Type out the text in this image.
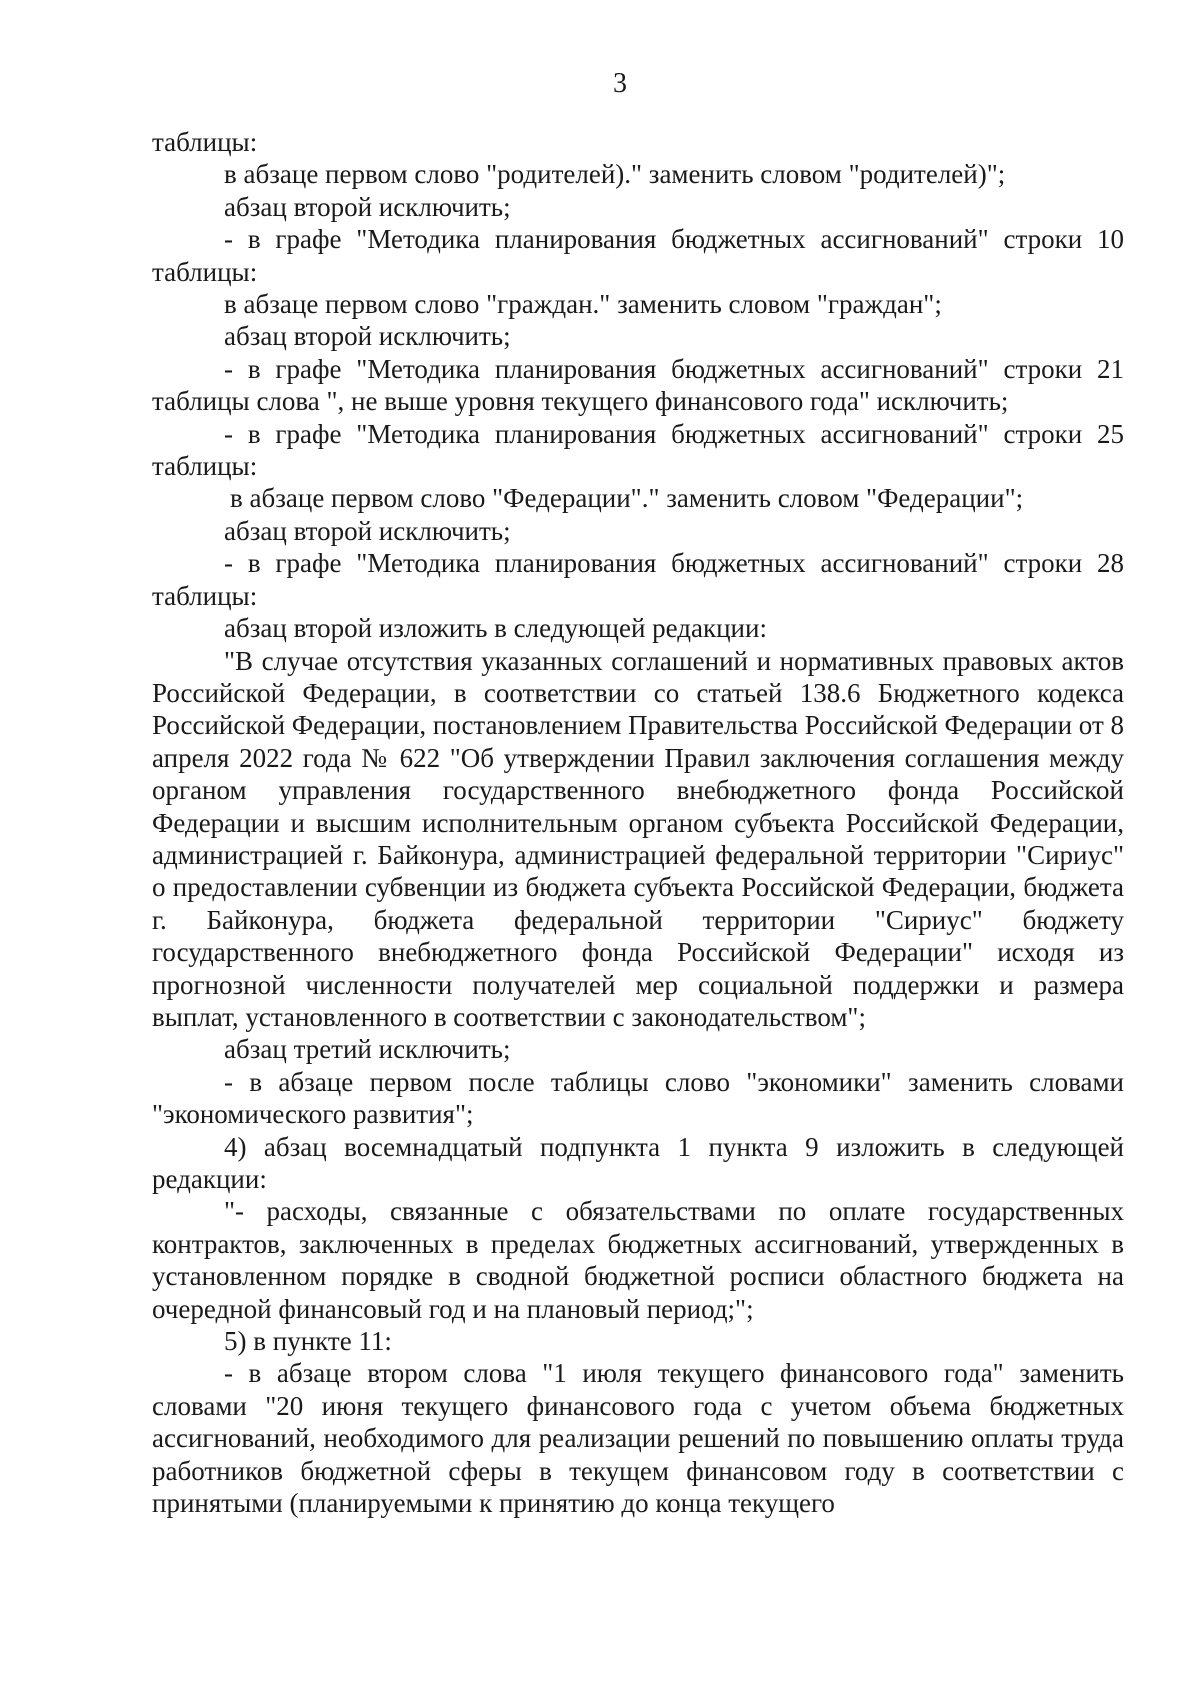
3

таблицы:

в абзаце первом слово "родителей)." заменить словом "родителей)";

абзац второй исключить;

- в графе "Методика планирования бюджетных ассигнований" строки 10 таблицы:

в абзаце первом слово "граждан." заменить словом "граждан";

абзац второй исключить;

- в графе "Методика планирования бюджетных ассигнований" строки 21 таблицы слова ", не выше уровня текущего финансового года" исключить;

- в графе "Методика планирования бюджетных ассигнований" строки 25 таблицы:

в абзаце первом слово "Федерации"." заменить словом "Федерации";

абзац второй исключить;

- в графе "Методика планирования бюджетных ассигнований" строки 28 таблицы:

абзац второй изложить в следующей редакции:

"В случае отсутствия указанных соглашений и нормативных правовых актов Российской Федерации, в соответствии со статьей 138.6 Бюджетного кодекса Российской Федерации, постановлением Правительства Российской Федерации от 8 апреля 2022 года № 622 "Об утверждении Правил заключения соглашения между органом управления государственного внебюджетного фонда Российской Федерации и высшим исполнительным органом субъекта Российской Федерации, администрацией г. Байконура, администрацией федеральной территории "Сириус" о предоставлении субвенции из бюджета субъекта Российской Федерации, бюджета г. Байконура, бюджета федеральной территории "Сириус" бюджету государственного внебюджетного фонда Российской Федерации" исходя из прогнозной численности получателей мер социальной поддержки и размера выплат, установленного в соответствии с законодательством";

абзац третий исключить;

- в абзаце первом после таблицы слово "экономики" заменить словами "экономического развития";

4) абзац восемнадцатый подпункта 1 пункта 9 изложить в следующей редакции:

"- расходы, связанные с обязательствами по оплате государственных контрактов, заключенных в пределах бюджетных ассигнований, утвержденных в установленном порядке в сводной бюджетной росписи областного бюджета на очередной финансовый год и на плановый период;";

5) в пункте 11:

- в абзаце втором слова "1 июля текущего финансового года" заменить словами "20 июня текущего финансового года с учетом объема бюджетных ассигнований, необходимого для реализации решений по повышению оплаты труда работников бюджетной сферы в текущем финансовом году в соответствии с принятыми (планируемыми к принятию до конца текущего
